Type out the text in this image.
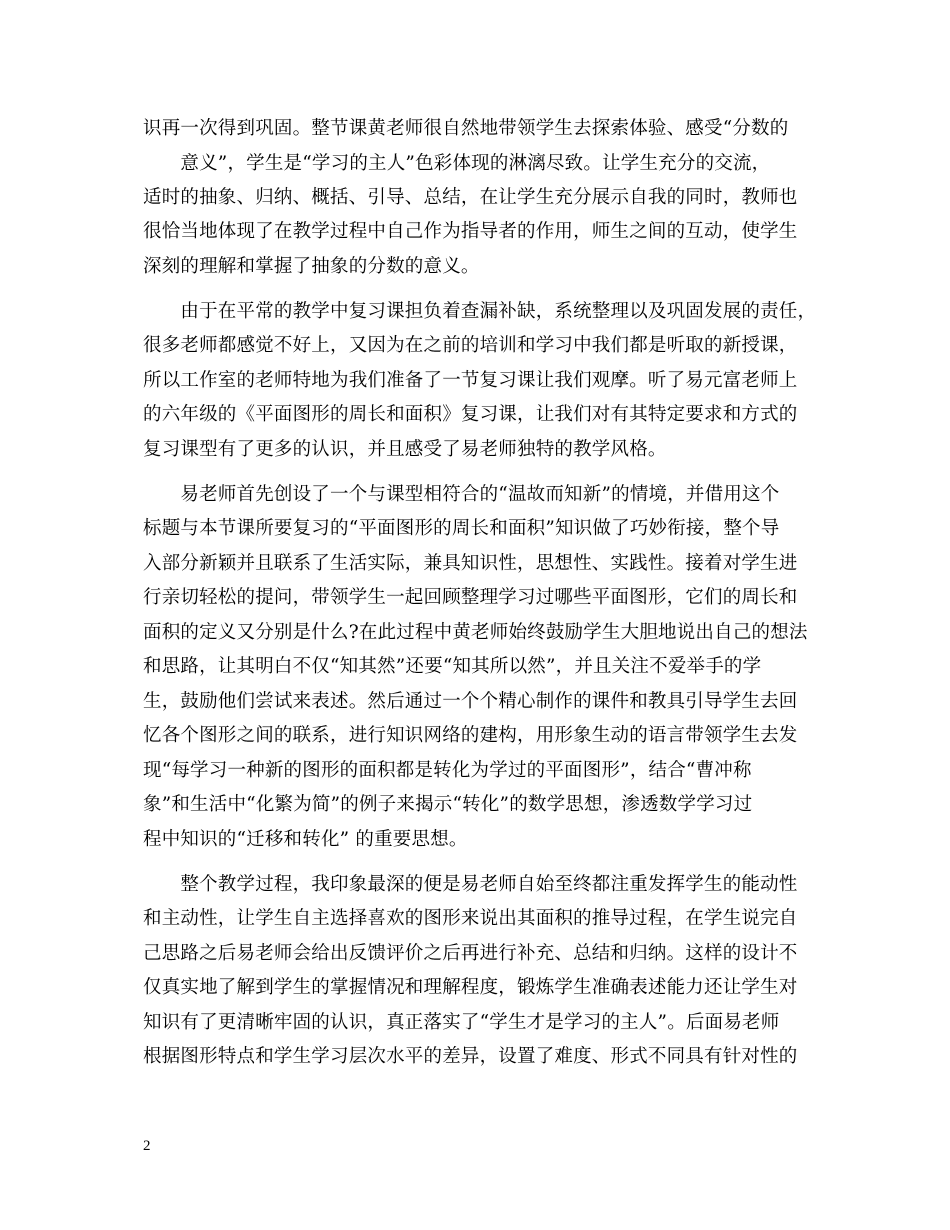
识再一次得到巩固。整节课黄老师很自然地带领学生去探索体验、感受“分数的
　　意义”，学生是“学习的主人”色彩体现的淋漓尽致。让学生充分的交流，
适时的抽象、归纳、概括、引导、总结，在让学生充分展示自我的同时，教师也
很恰当地体现了在教学过程中自己作为指导者的作用，师生之间的互动，使学生
深刻的理解和掌握了抽象的分数的意义。
　　由于在平常的教学中复习课担负着查漏补缺，系统整理以及巩固发展的责任，
很多老师都感觉不好上，又因为在之前的培训和学习中我们都是听取的新授课，
所以工作室的老师特地为我们准备了一节复习课让我们观摩。听了易元富老师上
的六年级的《平面图形的周长和面积》复习课，让我们对有其特定要求和方式的
复习课型有了更多的认识，并且感受了易老师独特的教学风格。
　　易老师首先创设了一个与课型相符合的“温故而知新”的情境，并借用这个
标题与本节课所要复习的“平面图形的周长和面积”知识做了巧妙衔接，整个导
入部分新颖并且联系了生活实际，兼具知识性，思想性、实践性。接着对学生进
行亲切轻松的提问，带领学生一起回顾整理学习过哪些平面图形，它们的周长和
面积的定义又分别是什么?在此过程中黄老师始终鼓励学生大胆地说出自己的想法
和思路，让其明白不仅“知其然”还要“知其所以然”，并且关注不爱举手的学
生，鼓励他们尝试来表述。然后通过一个个精心制作的课件和教具引导学生去回
忆各个图形之间的联系，进行知识网络的建构，用形象生动的语言带领学生去发
现“每学习一种新的图形的面积都是转化为学过的平面图形”，结合“曹冲称
象”和生活中“化繁为简”的例子来揭示“转化”的数学思想，渗透数学学习过
程中知识的“迁移和转化” 的重要思想。
　　整个教学过程，我印象最深的便是易老师自始至终都注重发挥学生的能动性
和主动性，让学生自主选择喜欢的图形来说出其面积的推导过程，在学生说完自
己思路之后易老师会给出反馈评价之后再进行补充、总结和归纳。这样的设计不
仅真实地了解到学生的掌握情况和理解程度，锻炼学生准确表述能力还让学生对
知识有了更清晰牢固的认识，真正落实了“学生才是学习的主人”。后面易老师
根据图形特点和学生学习层次水平的差异，设置了难度、形式不同具有针对性的
2
